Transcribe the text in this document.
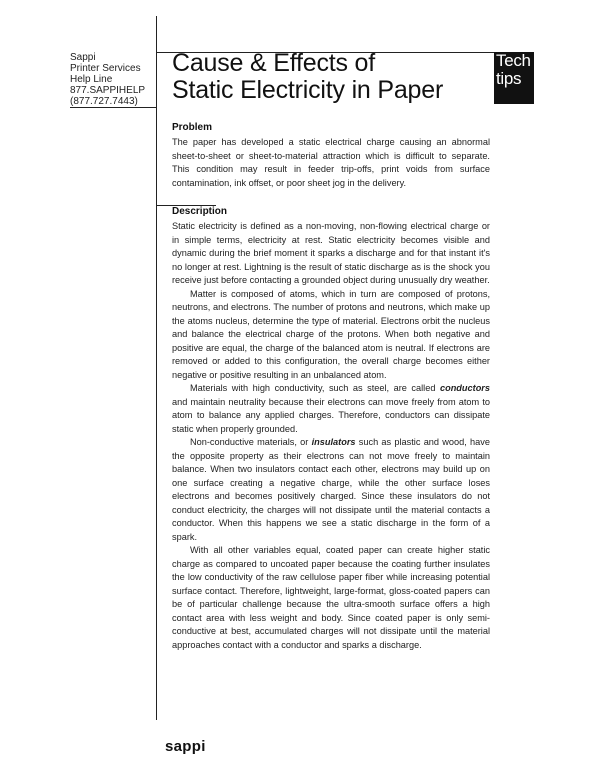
Sappi
Printer Services
Help Line
877.SAPPIHELP
(877.727.7443)
Cause & Effects of
Static Electricity in Paper
Tech
tips
Problem

The paper has developed a static electrical charge causing an abnormal sheet-to-sheet or sheet-to-material attraction which is difficult to separate. This condition may result in feeder trip-offs, print voids from surface contamination, ink offset, or poor sheet jog in the delivery.

Description

Static electricity is defined as a non-moving, non-flowing electrical charge or in simple terms, electricity at rest. Static electricity becomes visible and dynamic during the brief moment it sparks a discharge and for that instant it's no longer at rest. Lightning is the result of static discharge as is the shock you receive just before contacting a grounded object during unusually dry weather.

Matter is composed of atoms, which in turn are composed of protons, neutrons, and electrons. The number of protons and neutrons, which make up the atoms nucleus, determine the type of material. Electrons orbit the nucleus and balance the electrical charge of the protons. When both negative and positive are equal, the charge of the balanced atom is neutral. If electrons are removed or added to this configuration, the overall charge becomes either negative or positive resulting in an unbalanced atom.

Materials with high conductivity, such as steel, are called conductors and maintain neutrality because their electrons can move freely from atom to atom to balance any applied charges. Therefore, conductors can dissipate static when properly grounded.

Non-conductive materials, or insulators such as plastic and wood, have the opposite property as their electrons can not move freely to maintain balance. When two insulators contact each other, electrons may build up on one surface creating a negative charge, while the other surface loses electrons and becomes positively charged. Since these insulators do not conduct electricity, the charges will not dissipate until the material contacts a conductor. When this happens we see a static discharge in the form of a spark.

With all other variables equal, coated paper can create higher static charge as compared to uncoated paper because the coating further insulates the low conductivity of the raw cellulose paper fiber while increasing potential surface contact. Therefore, lightweight, large-format, gloss-coated papers can be of particular challenge because the ultra-smooth surface offers a high contact area with less weight and body. Since coated paper is only semi-conductive at best, accumulated charges will not dissipate until the material approaches contact with a conductor and sparks a discharge.

sappi
